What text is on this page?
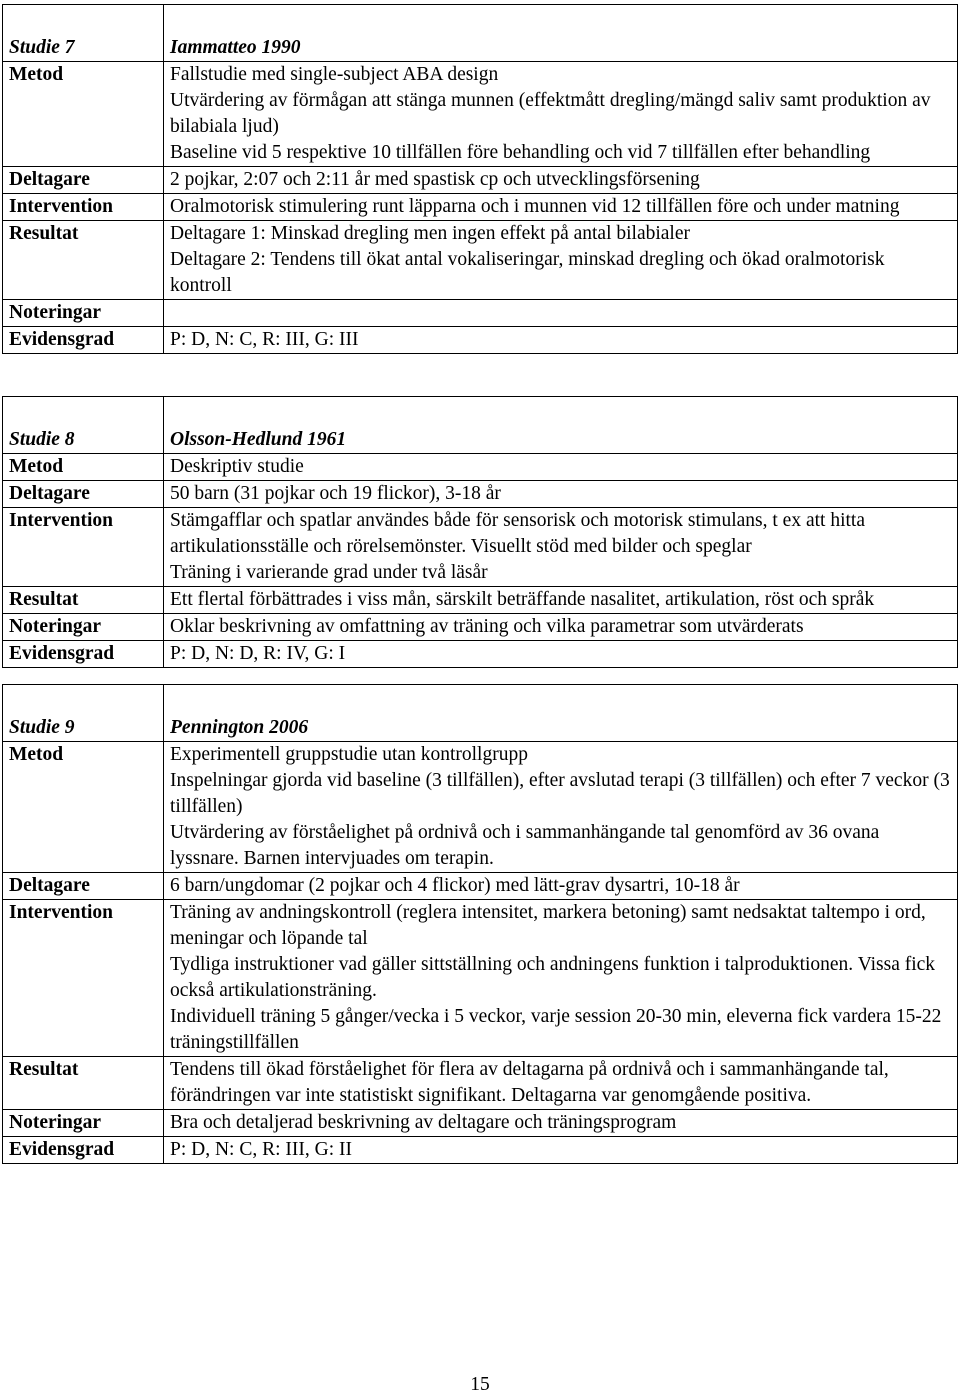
Studie 7	Iammatteo 1990
Metod	Fallstudie med single-subject ABA design
Utvärdering av förmågan att stänga munnen (effektmått dregling/mängd saliv samt produktion av bilabiala ljud)
Baseline vid 5 respektive 10 tillfällen före behandling och vid 7 tillfällen efter behandling

Deltagare	2 pojkar, 2:07 och 2:11 år med spastisk cp och utvecklingsförsening

Intervention	Oralmotorisk stimulering runt läpparna och i munnen vid 12 tillfällen före och under matning

Resultat	Deltagare 1: Minskad dregling men ingen effekt på antal bilabialer
Deltagare 2: Tendens till ökat antal vokaliseringar, minskad dregling och ökad oralmotorisk kontroll

Noteringar	

Evidensgrad	P: D, N: C, R: III, G: III
Studie 8	Olsson-Hedlund 1961
Metod	Deskriptiv studie

Deltagare	50 barn (31 pojkar och 19 flickor), 3-18 år

Intervention	Stämgafflar och spatlar användes både för sensorisk och motorisk stimulans, t ex att hitta artikulationsställe och rörelsemönster. Visuellt stöd med bilder och speglar
Träning i varierande grad under två läsår

Resultat	Ett flertal förbättrades i viss mån, särskilt beträffande nasalitet, artikulation, röst och språk

Noteringar	Oklar beskrivning av omfattning av träning och vilka parametrar som utvärderats

Evidensgrad	P: D, N: D, R: IV, G: I
Studie 9	Pennington 2006
Metod	Experimentell gruppstudie utan kontrollgrupp
Inspelningar gjorda vid baseline (3 tillfällen), efter avslutad terapi (3 tillfällen) och efter 7 veckor (3 tillfällen)
Utvärdering av förståelighet på ordnivå och i sammanhängande tal genomförd av 36 ovana lyssnare. Barnen intervjuades om terapin.

Deltagare	6 barn/ungdomar (2 pojkar och 4 flickor) med lätt-grav dysartri, 10-18 år

Intervention	Träning av andningskontroll (reglera intensitet, markera betoning) samt nedsaktat taltempo i ord, meningar och löpande tal
Tydliga instruktioner vad gäller sittställning och andningens funktion i talproduktionen. Vissa fick också artikulationsträning.
Individuell träning 5 gånger/vecka i 5 veckor, varje session 20-30 min, eleverna fick vardera 15-22 träningstillfällen

Resultat	Tendens till ökad förståelighet för flera av deltagarna på ordnivå och i sammanhängande tal, förändringen var inte statistiskt signifikant. Deltagarna var genomgående positiva.

Noteringar	Bra och detaljerad beskrivning av deltagare och träningsprogram

Evidensgrad	P: D, N: C, R: III, G: II
15
